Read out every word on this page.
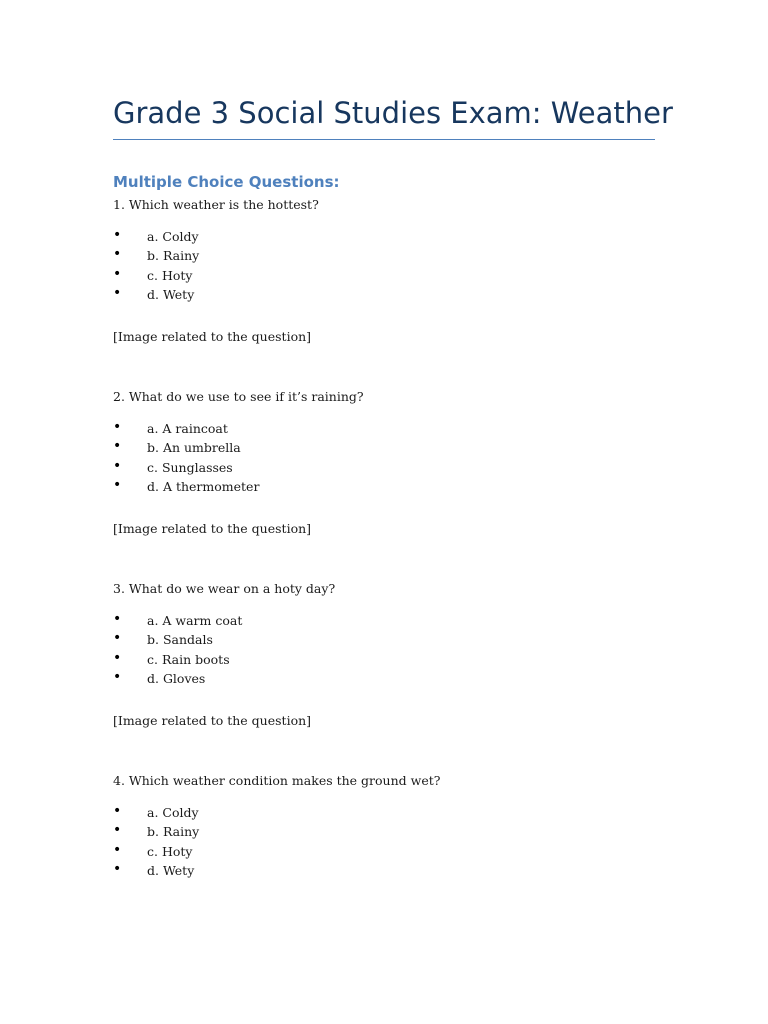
Grade 3 Social Studies Exam: Weather
Multiple Choice Questions:
1. Which weather is the hottest?
• a. Coldy
• b. Rainy
• c. Hoty
• d. Wety
[Image related to the question]
2. What do we use to see if it’s raining?
• a. A raincoat
• b. An umbrella
• c. Sunglasses
• d. A thermometer
[Image related to the question]
3. What do we wear on a hoty day?
• a. A warm coat
• b. Sandals
• c. Rain boots
• d. Gloves
[Image related to the question]
4. Which weather condition makes the ground wet?
• a. Coldy
• b. Rainy
• c. Hoty
• d. Wety
